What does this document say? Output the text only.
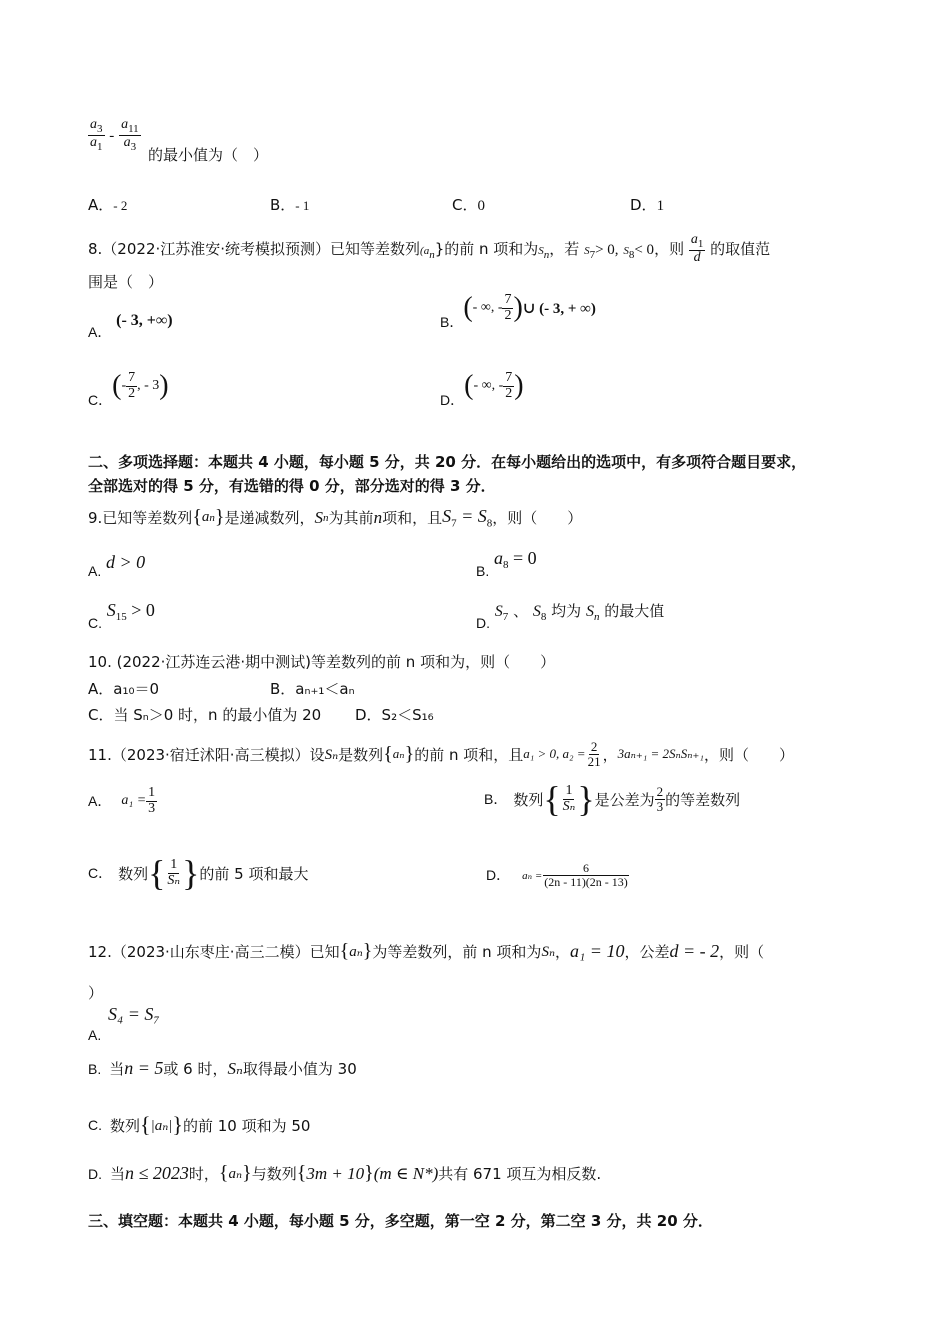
$\frac{a_3}{a_1} - \frac{a_{11}}{a_3}$
的最小值为（　）
A．- 2	B．- 1	C．0	D．1
8.（2022·江苏淮安·统考模拟预测）已知等差数列$(a_n\}$的前 n 项和为$S_n$，若 $S_7> 0$, $S_8< 0$，则 $\frac{a_1}{d}$ 的取值范
围是（　）
A． (- 3, +∞)	B． ( - ∞, - $\frac{7}{2}$ ) ∪ (- 3, + ∞)
C． ( - $\frac{7}{2}$ , - 3 )	D． ( - ∞, - $\frac{7}{2}$ )
二、多项选择题：本题共 4 小题，每小题 5 分，共 20 分．在每小题给出的选项中，有多项符合题目要求，
全部选对的得 5 分，有选错的得 0 分，部分选对的得 3 分．
9.已知等差数列 { a n } 是递减数列， S n 为其前 n 项和，且 $S_7 = S_8$ ，则（　　）
A. d > 0	B. $a_8 = 0$
C. $S_{15} > 0$
D. $S_7$ 、 $S_8$ 均为 $S_n$ 的最大值
10. (2022·江苏连云港·期中测试)等差数列的前 n 项和为，则（　　）
A．a₁₀＝0	B．aₙ₊₁＜aₙ
C．当 Sₙ＞0 时，n 的最小值为 20 D．S₂＜S₁₆
11.（2023·宿迁沭阳·高三模拟）设 Sₙ 是数列 { aₙ } 的前 n 项和，且 a₁ > 0, $a_2 = \frac{2}{21}$ ， 3aₙ₊₁ = 2SₙSₙ₊₁ ，则（　　）
A． $a_1 = \frac{1}{3}$	B． 数列 { $\frac{1}{\text{Sₙ}}$ } 是公差为 $\frac{2}{3}$ 的等差数列
C． 数列 { $\frac{1}{\text{Sₙ}}$ } 的前 5 项和最大	D． $a_n = \frac{6}{(2n - 11)(2n - 13)}$
12.（2023·山东枣庄·高三二模）已知 { aₙ } 为等差数列，前 n 项和为 Sₙ ， a₁ = 10 ，公差 d = - 2 ，则（
）
A. S₄ = S₇
B. 当 n = 5 或 6 时， Sₙ 取得最小值为 30
C. 数列 { |aₙ| } 的前 10 项和为 50
D. 当 n ≤ 2023 时， { aₙ } 与数列 { 3m + 10 } (m ∈ N*) 共有 671 项互为相反数.
三、填空题：本题共 4 小题，每小题 5 分，多空题，第一空 2 分，第二空 3 分，共 20 分．
